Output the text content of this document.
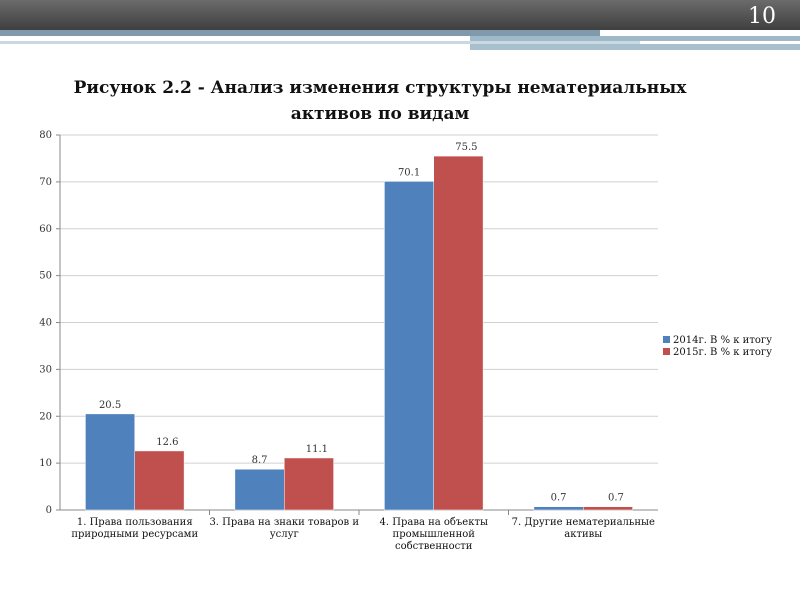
10
Рисунок 2.2 - Анализ изменения структуры нематериальных активов по видам
0
10
20
30
40
50
60
70
80
20.5
12.6
1. Права пользования природными ресурсами
8.7
11.1
3. Права на знаки товаров и услуг
70.1
75.5
4. Права на объекты промышленной собственности
0.7	0.7
7. Другие нематериальные активы
2014г. В % к итогу
2015г. В % к итогу
